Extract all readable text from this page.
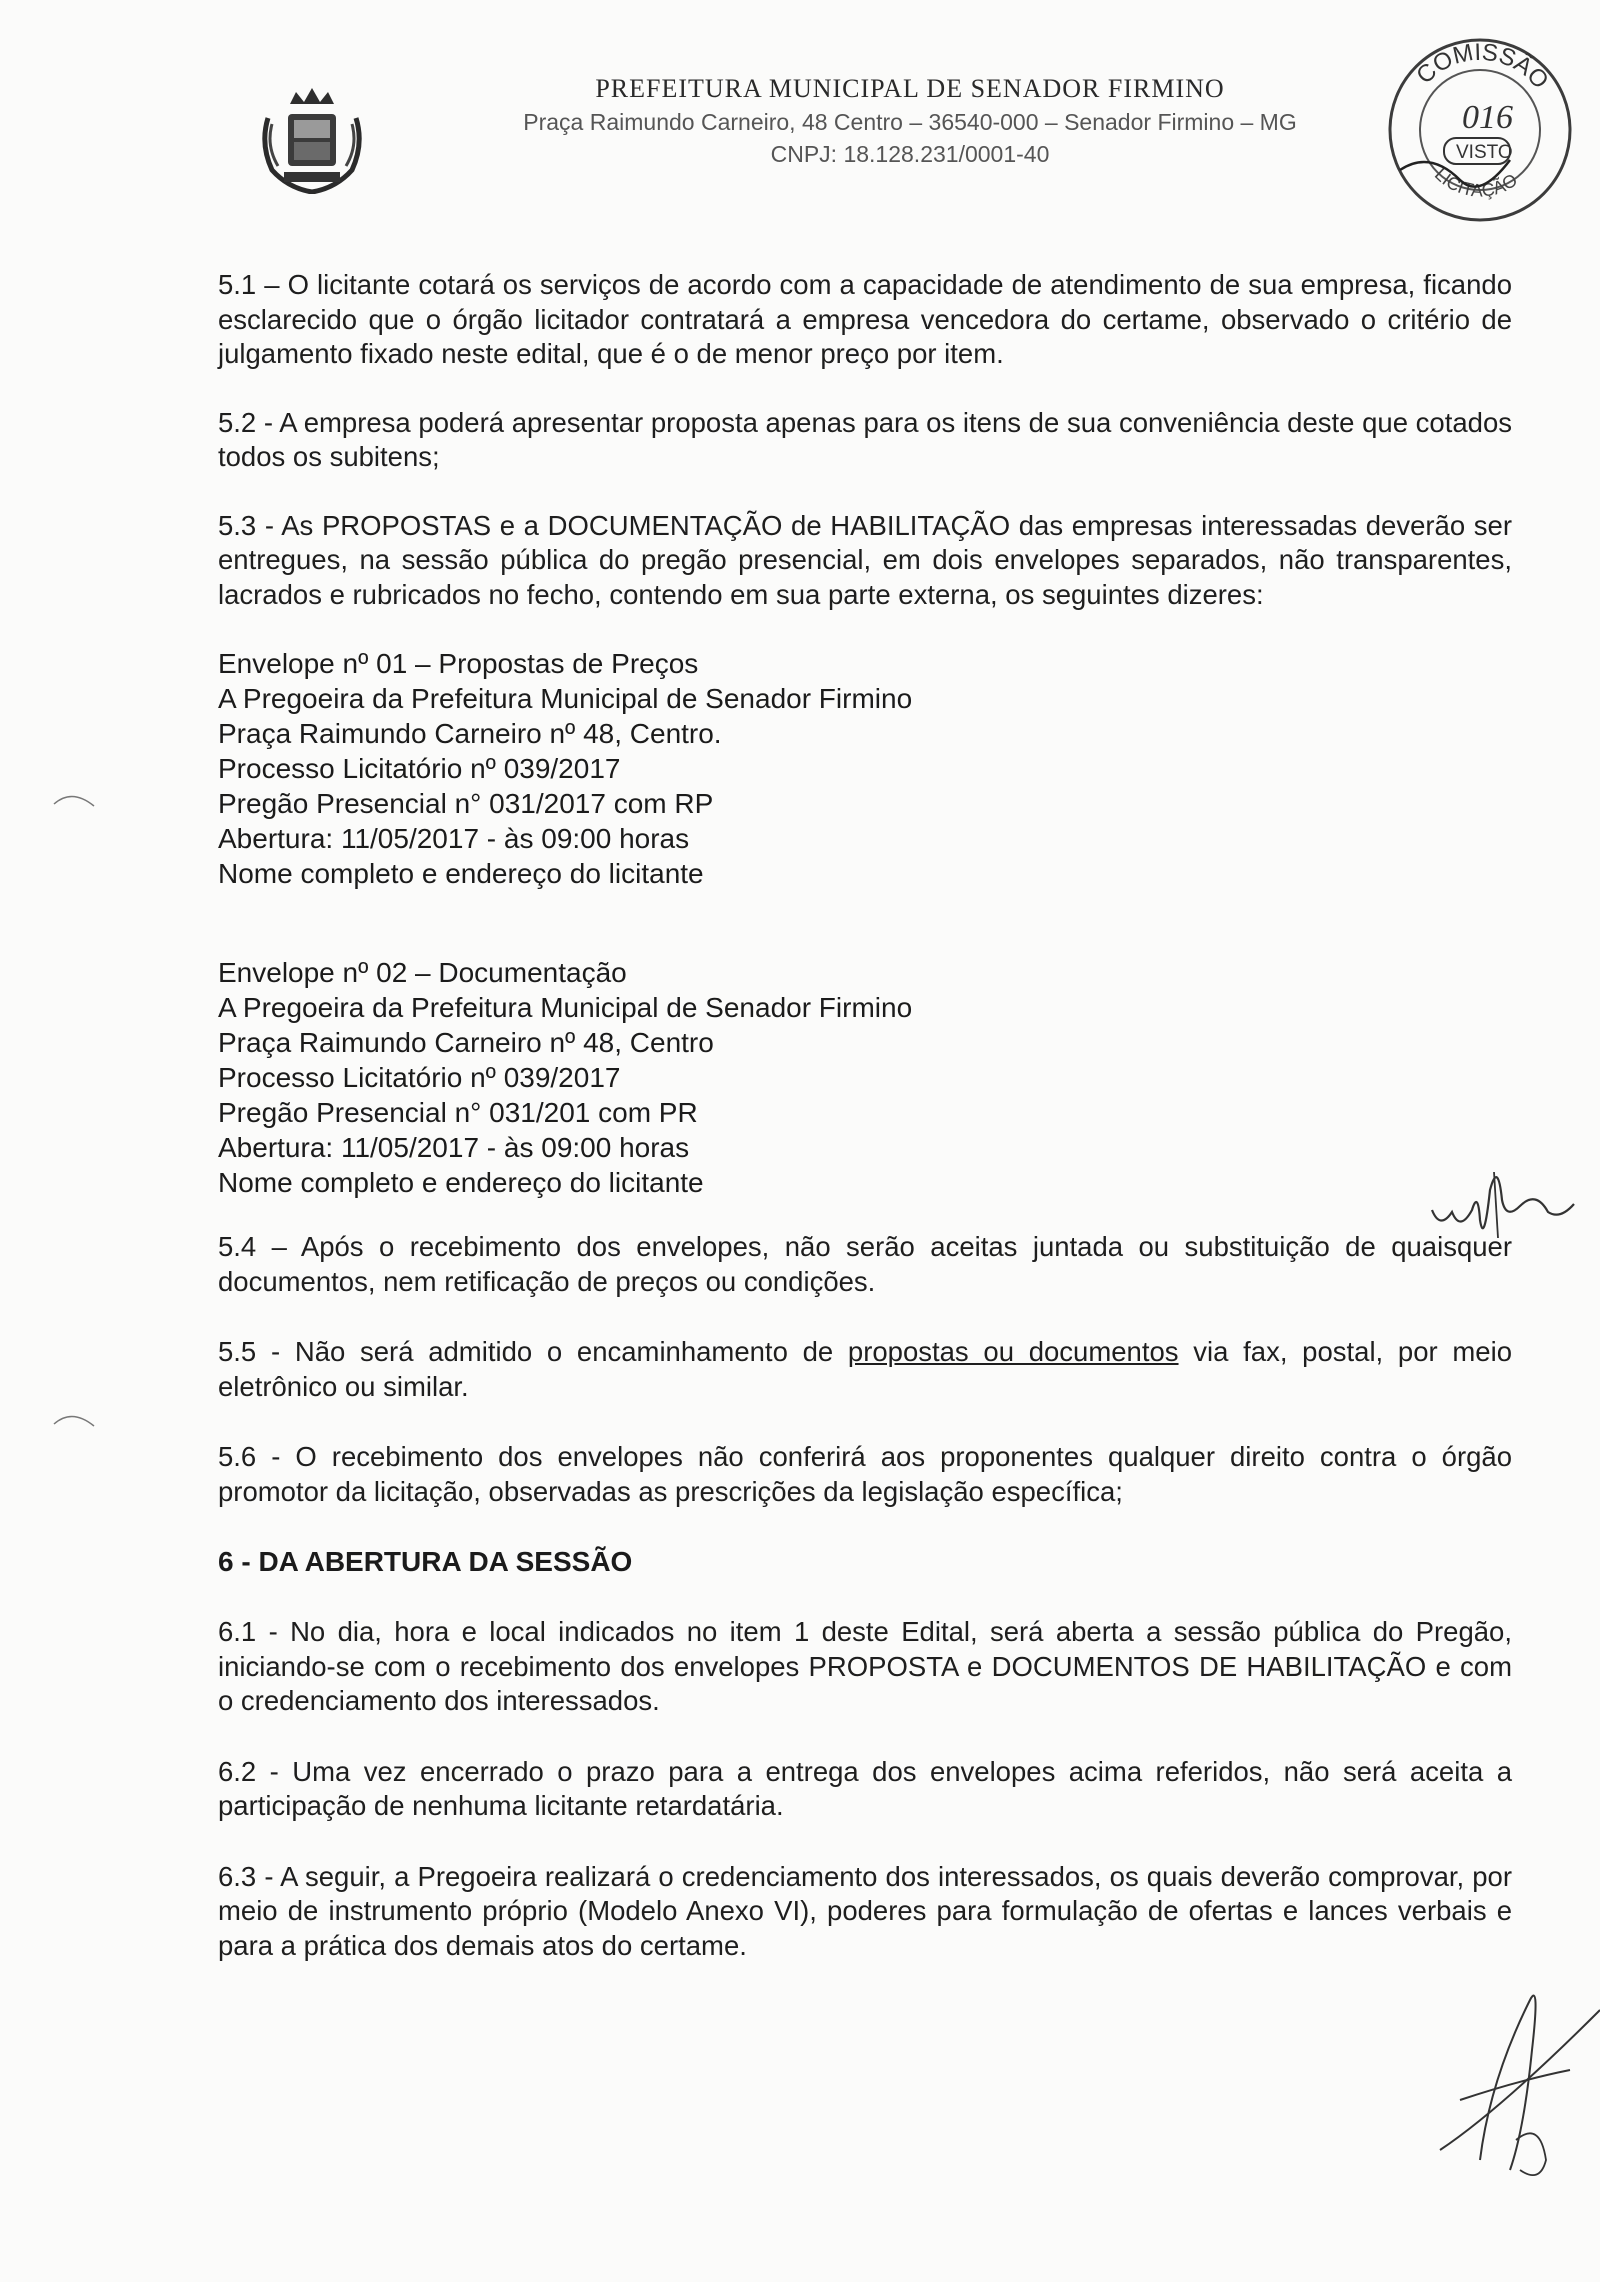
PREFEITURA MUNICIPAL DE SENADOR FIRMINO
Praça Raimundo Carneiro, 48 Centro – 36540-000 – Senador Firmino – MG
CNPJ: 18.128.231/0001-40
COMISSÃO
016
VISTO
LICITAÇÃO

5.1 – O licitante cotará os serviços de acordo com a capacidade de atendimento de sua empresa, ficando esclarecido que o órgão licitador contratará a empresa vencedora do certame, observado o critério de julgamento fixado neste edital, que é o de menor preço por item.

5.2 - A empresa poderá apresentar proposta apenas para os itens de sua conveniência deste que cotados todos os subitens;

5.3 - As PROPOSTAS e a DOCUMENTAÇÃO de HABILITAÇÃO das empresas interessadas deverão ser entregues, na sessão pública do pregão presencial, em dois envelopes separados, não transparentes, lacrados e rubricados no fecho, contendo em sua parte externa, os seguintes dizeres:

Envelope nº 01 – Propostas de Preços

A Pregoeira da Prefeitura Municipal de Senador Firmino

Praça Raimundo Carneiro nº 48, Centro.

Processo Licitatório nº 039/2017

Pregão Presencial n° 031/2017 com RP

Abertura: 11/05/2017 - às 09:00 horas

Nome completo e endereço do licitante

Envelope nº 02 – Documentação

A Pregoeira da Prefeitura Municipal de Senador Firmino

Praça Raimundo Carneiro nº 48, Centro

Processo Licitatório nº 039/2017

Pregão Presencial n° 031/201 com PR

Abertura: 11/05/2017 - às 09:00 horas

Nome completo e endereço do licitante

5.4 – Após o recebimento dos envelopes, não serão aceitas juntada ou substituição de quaisquer documentos, nem retificação de preços ou condições.

5.5 - Não será admitido o encaminhamento de propostas ou documentos via fax, postal, por meio eletrônico ou similar.

5.6 - O recebimento dos envelopes não conferirá aos proponentes qualquer direito contra o órgão promotor da licitação, observadas as prescrições da legislação específica;

6 - DA ABERTURA DA SESSÃO

6.1 - No dia, hora e local indicados no item 1 deste Edital, será aberta a sessão pública do Pregão, iniciando-se com o recebimento dos envelopes PROPOSTA e DOCUMENTOS DE HABILITAÇÃO e com o credenciamento dos interessados.

6.2 - Uma vez encerrado o prazo para a entrega dos envelopes acima referidos, não será aceita a participação de nenhuma licitante retardatária.

6.3 - A seguir, a Pregoeira realizará o credenciamento dos interessados, os quais deverão comprovar, por meio de instrumento próprio (Modelo Anexo VI), poderes para formulação de ofertas e lances verbais e para a prática dos demais atos do certame.
